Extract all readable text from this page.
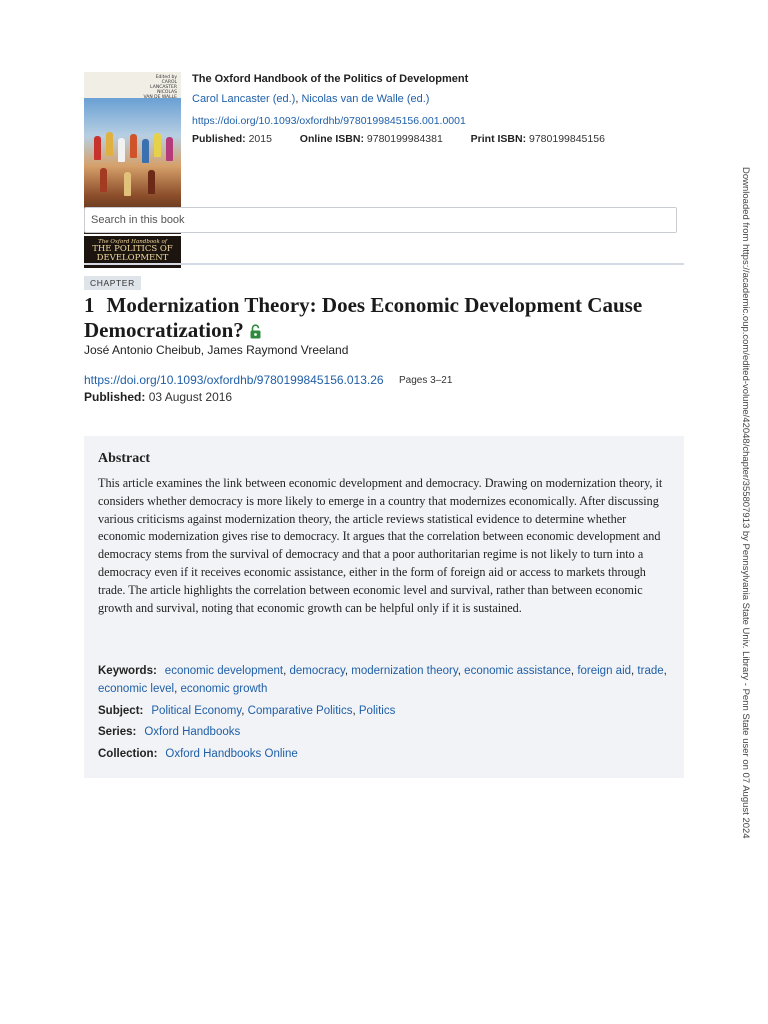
Edited by
CAROL
LANCASTER
NICOLAS

The Oxford Handbook of
THE POLITICS OF
DEVELOPMENT
The Oxford Handbook of the Politics of Development
Carol Lancaster (ed.), Nicolas van de Walle (ed.)
https://doi.org/10.1093/oxfordhb/9780199845156.001.0001
Published: 2015	Online ISBN: 9780199984381	Print ISBN: 9780199845156
Search in this book
CHAPTER
1 Modernization Theory: Does Economic Development Cause Democratization?
José Antonio Cheibub, James Raymond Vreeland
https://doi.org/10.1093/oxfordhb/9780199845156.013.26 Pages 3–21
Published: 03 August 2016
Abstract
This article examines the link between economic development and democracy. Drawing on modernization theory, it considers whether democracy is more likely to emerge in a country that modernizes economically. After discussing various criticisms against modernization theory, the article reviews statistical evidence to determine whether economic modernization gives rise to democracy. It argues that the correlation between economic development and democracy stems from the survival of democracy and that a poor authoritarian regime is not likely to turn into a democracy even if it receives economic assistance, either in the form of foreign aid or access to markets through trade. The article highlights the correlation between economic level and survival, rather than between economic growth and survival, noting that economic growth can be helpful only if it is sustained.
Keywords: economic development, democracy, modernization theory, economic assistance, foreign aid, trade, economic level, economic growth
Subject: Political Economy, Comparative Politics, Politics
Series: Oxford Handbooks
Collection: Oxford Handbooks Online	Downloaded from https://academic.oup.com/edited-volume/42048/chapter/355807913 by Pennsylvania State Univ. Library - Penn State user on 07 August 2024
